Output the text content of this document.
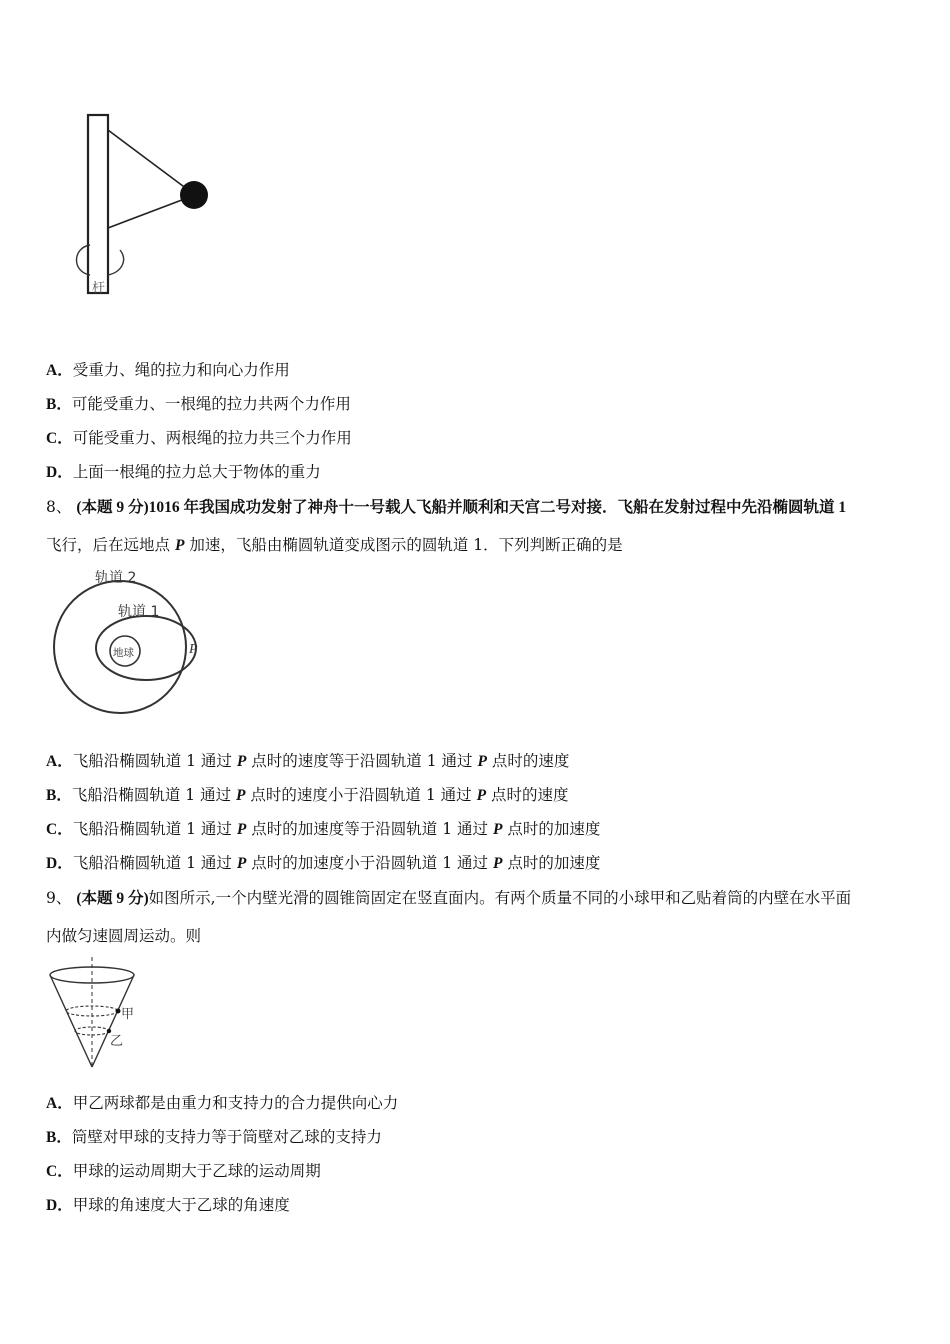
杆
A．受重力、绳的拉力和向心力作用
B．可能受重力、一根绳的拉力共两个力作用
C．可能受重力、两根绳的拉力共三个力作用
D．上面一根绳的拉力总大于物体的重力
8、 (本题 9 分)1016 年我国成功发射了神舟十一号载人飞船并顺利和天宫二号对接．飞船在发射过程中先沿椭圆轨道 1
飞行，后在远地点 P 加速，飞船由椭圆轨道变成图示的圆轨道 1．下列判断正确的是
轨道 2
轨道 1
地球	P
A．飞船沿椭圆轨道 1 通过 P 点时的速度等于沿圆轨道 1 通过 P 点时的速度
B．飞船沿椭圆轨道 1 通过 P 点时的速度小于沿圆轨道 1 通过 P 点时的速度
C．飞船沿椭圆轨道 1 通过 P 点时的加速度等于沿圆轨道 1 通过 P 点时的加速度
D．飞船沿椭圆轨道 1 通过 P 点时的加速度小于沿圆轨道 1 通过 P 点时的加速度
9、 (本题 9 分)如图所示,一个内壁光滑的圆锥筒固定在竖直面内。有两个质量不同的小球甲和乙贴着筒的内壁在水平面
内做匀速圆周运动。则
甲
乙
A．甲乙两球都是由重力和支持力的合力提供向心力
B．筒壁对甲球的支持力等于筒壁对乙球的支持力
C．甲球的运动周期大于乙球的运动周期
D．甲球的角速度大于乙球的角速度
